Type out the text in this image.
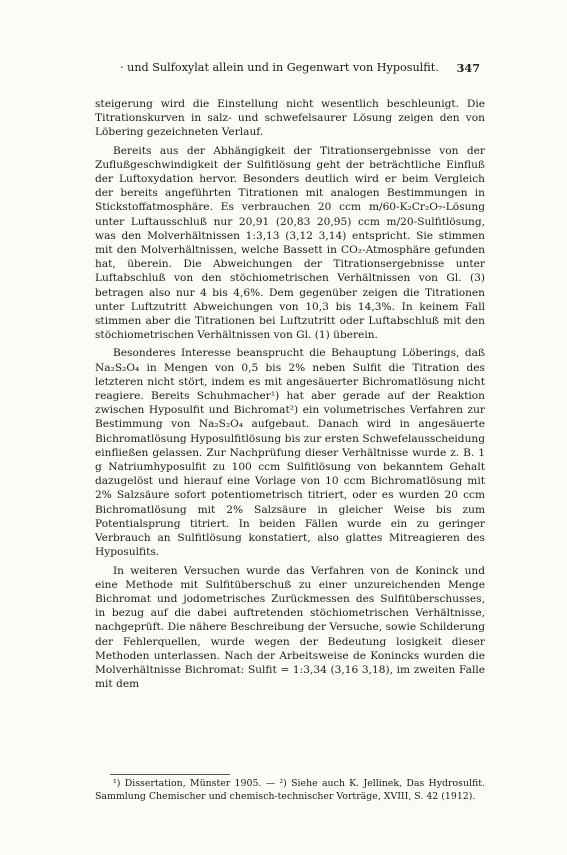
· und Sulfoxylat allein und in Gegenwart von Hyposulfit. 347

steigerung wird die Einstellung nicht wesentlich beschleunigt. Die Titrationskurven in salz- und schwefelsaurer Lösung zeigen den von Löbering gezeichneten Verlauf.

Bereits aus der Abhängigkeit der Titrationsergebnisse von der Zuflußgeschwindigkeit der Sulfitlösung geht der beträchtliche Einfluß der Luftoxydation hervor. Besonders deutlich wird er beim Vergleich der bereits angeführten Titrationen mit analogen Bestimmungen in Stickstoffatmosphäre. Es verbrauchen 20 ccm m/60-K₂Cr₂O₇-Lösung unter Luftausschluß nur 20,91 (20,83 20,95) ccm m/20-Sulfitlösung, was den Molverhältnissen 1:3,13 (3,12 3,14) entspricht. Sie stimmen mit den Molverhältnissen, welche Bassett in CO₂-Atmosphäre gefunden hat, überein. Die Abweichungen der Titrationsergebnisse unter Luftabschluß von den stöchiometrischen Verhältnissen von Gl. (3) betragen also nur 4 bis 4,6%. Dem gegenüber zeigen die Titrationen unter Luftzutritt Abweichungen von 10,3 bis 14,3%. In keinem Fall stimmen aber die Titrationen bei Luftzutritt oder Luftabschluß mit den stöchiometrischen Verhältnissen von Gl. (1) überein.

Besonderes Interesse beansprucht die Behauptung Löberings, daß Na₂S₂O₄ in Mengen von 0,5 bis 2% neben Sulfit die Titration des letzteren nicht stört, indem es mit angesäuerter Bichromatlösung nicht reagiere. Bereits Schuhmacher¹) hat aber gerade auf der Reaktion zwischen Hyposulfit und Bichromat²) ein volumetrisches Verfahren zur Bestimmung von Na₂S₂O₄ aufgebaut. Danach wird in angesäuerte Bichromatlösung Hyposulfitlösung bis zur ersten Schwefelausscheidung einfließen gelassen. Zur Nachprüfung dieser Verhältnisse wurde z. B. 1 g Natriumhyposulfit zu 100 ccm Sulfitlösung von bekanntem Gehalt dazugelöst und hierauf eine Vorlage von 10 ccm Bichromatlösung mit 2% Salzsäure sofort potentiometrisch titriert, oder es wurden 20 ccm Bichromatlösung mit 2% Salzsäure in gleicher Weise bis zum Potentialsprung titriert. In beiden Fällen wurde ein zu geringer Verbrauch an Sulfitlösung konstatiert, also glattes Mitreagieren des Hyposulfits.

In weiteren Versuchen wurde das Verfahren von de Koninck und eine Methode mit Sulfitüberschuß zu einer unzureichenden Menge Bichromat und jodometrisches Zurückmessen des Sulfitüberschusses, in bezug auf die dabei auftretenden stöchiometrischen Verhältnisse, nachgeprüft. Die nähere Beschreibung der Versuche, sowie Schilderung der Fehlerquellen, wurde wegen der Bedeutung losigkeit dieser Methoden unterlassen. Nach der Arbeitsweise de Konincks wurden die Molverhältnisse Bichromat: Sulfit = 1:3,34 (3,16 3,18), im zweiten Falle mit dem

¹) Dissertation, Münster 1905. — ²) Siehe auch K. Jellinek, Das Hydrosulfit. Sammlung Chemischer und chemisch-technischer Vorträge, XVIII, S. 42 (1912).
